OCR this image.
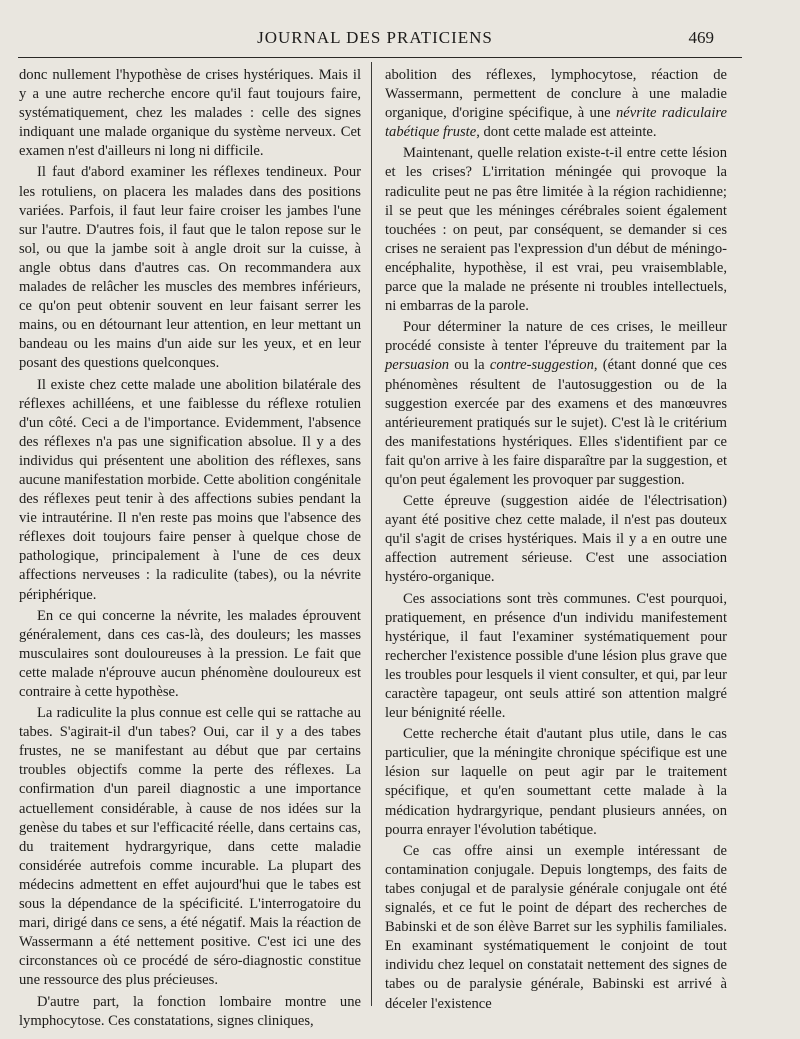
JOURNAL DES PRATICIENS	469

donc nullement l'hypothèse de crises hystériques. Mais il y a une autre recherche encore qu'il faut toujours faire, systématiquement, chez les malades : celle des signes indiquant une malade organique du système nerveux. Cet examen n'est d'ailleurs ni long ni difficile.

Il faut d'abord examiner les réflexes tendineux. Pour les rotuliens, on placera les malades dans des positions variées. Parfois, il faut leur faire croiser les jambes l'une sur l'autre. D'autres fois, il faut que le talon repose sur le sol, ou que la jambe soit à angle droit sur la cuisse, à angle obtus dans d'autres cas. On recommandera aux malades de relâcher les muscles des membres inférieurs, ce qu'on peut obtenir souvent en leur faisant serrer les mains, ou en détournant leur attention, en leur mettant un bandeau ou les mains d'un aide sur les yeux, et en leur posant des questions quelconques.

Il existe chez cette malade une abolition bilatérale des réflexes achilléens, et une faiblesse du réflexe rotulien d'un côté. Ceci a de l'importance. Evidemment, l'absence des réflexes n'a pas une signification absolue. Il y a des individus qui présentent une abolition des réflexes, sans aucune manifestation morbide. Cette abolition congénitale des réflexes peut tenir à des affections subies pendant la vie intrautérine. Il n'en reste pas moins que l'absence des réflexes doit toujours faire penser à quelque chose de pathologique, principalement à l'une de ces deux affections nerveuses : la radiculite (tabes), ou la névrite périphérique.

En ce qui concerne la névrite, les malades éprouvent généralement, dans ces cas-là, des douleurs; les masses musculaires sont douloureuses à la pression. Le fait que cette malade n'éprouve aucun phénomène douloureux est contraire à cette hypothèse.

La radiculite la plus connue est celle qui se rattache au tabes. S'agirait-il d'un tabes? Oui, car il y a des tabes frustes, ne se manifestant au début que par certains troubles objectifs comme la perte des réflexes. La confirmation d'un pareil diagnostic a une importance actuellement considérable, à cause de nos idées sur la genèse du tabes et sur l'efficacité réelle, dans certains cas, du traitement hydrargyrique, dans cette maladie considérée autrefois comme incurable. La plupart des médecins admettent en effet aujourd'hui que le tabes est sous la dépendance de la spécificité. L'interrogatoire du mari, dirigé dans ce sens, a été négatif. Mais la réaction de Wassermann a été nettement positive. C'est ici une des circonstances où ce procédé de séro-diagnostic constitue une ressource des plus précieuses.

D'autre part, la fonction lombaire montre une lymphocytose. Ces constatations, signes cliniques,

abolition des réflexes, lymphocytose, réaction de Wassermann, permettent de conclure à une maladie organique, d'origine spécifique, à une névrite radiculaire tabétique fruste, dont cette malade est atteinte.

Maintenant, quelle relation existe-t-il entre cette lésion et les crises? L'irritation méningée qui provoque la radiculite peut ne pas être limitée à la région rachidienne; il se peut que les méninges cérébrales soient également touchées : on peut, par conséquent, se demander si ces crises ne seraient pas l'expression d'un début de méningo-encéphalite, hypothèse, il est vrai, peu vraisemblable, parce que la malade ne présente ni troubles intellectuels, ni embarras de la parole.

Pour déterminer la nature de ces crises, le meilleur procédé consiste à tenter l'épreuve du traitement par la persuasion ou la contre-suggestion, (étant donné que ces phénomènes résultent de l'autosuggestion ou de la suggestion exercée par des examens et des manœuvres antérieurement pratiqués sur le sujet). C'est là le critérium des manifestations hystériques. Elles s'identifient par ce fait qu'on arrive à les faire disparaître par la suggestion, et qu'on peut également les provoquer par suggestion.

Cette épreuve (suggestion aidée de l'électrisation) ayant été positive chez cette malade, il n'est pas douteux qu'il s'agit de crises hystériques. Mais il y a en outre une affection autrement sérieuse. C'est une association hystéro-organique.

Ces associations sont très communes. C'est pourquoi, pratiquement, en présence d'un individu manifestement hystérique, il faut l'examiner systématiquement pour rechercher l'existence possible d'une lésion plus grave que les troubles pour lesquels il vient consulter, et qui, par leur caractère tapageur, ont seuls attiré son attention malgré leur bénignité réelle.

Cette recherche était d'autant plus utile, dans le cas particulier, que la méningite chronique spécifique est une lésion sur laquelle on peut agir par le traitement spécifique, et qu'en soumettant cette malade à la médication hydrargyrique, pendant plusieurs années, on pourra enrayer l'évolution tabétique.

Ce cas offre ainsi un exemple intéressant de contamination conjugale. Depuis longtemps, des faits de tabes conjugal et de paralysie générale conjugale ont été signalés, et ce fut le point de départ des recherches de Babinski et de son élève Barret sur les syphilis familiales. En examinant systématiquement le conjoint de tout individu chez lequel on constatait nettement des signes de tabes ou de paralysie générale, Babinski est arrivé à déceler l'existence
